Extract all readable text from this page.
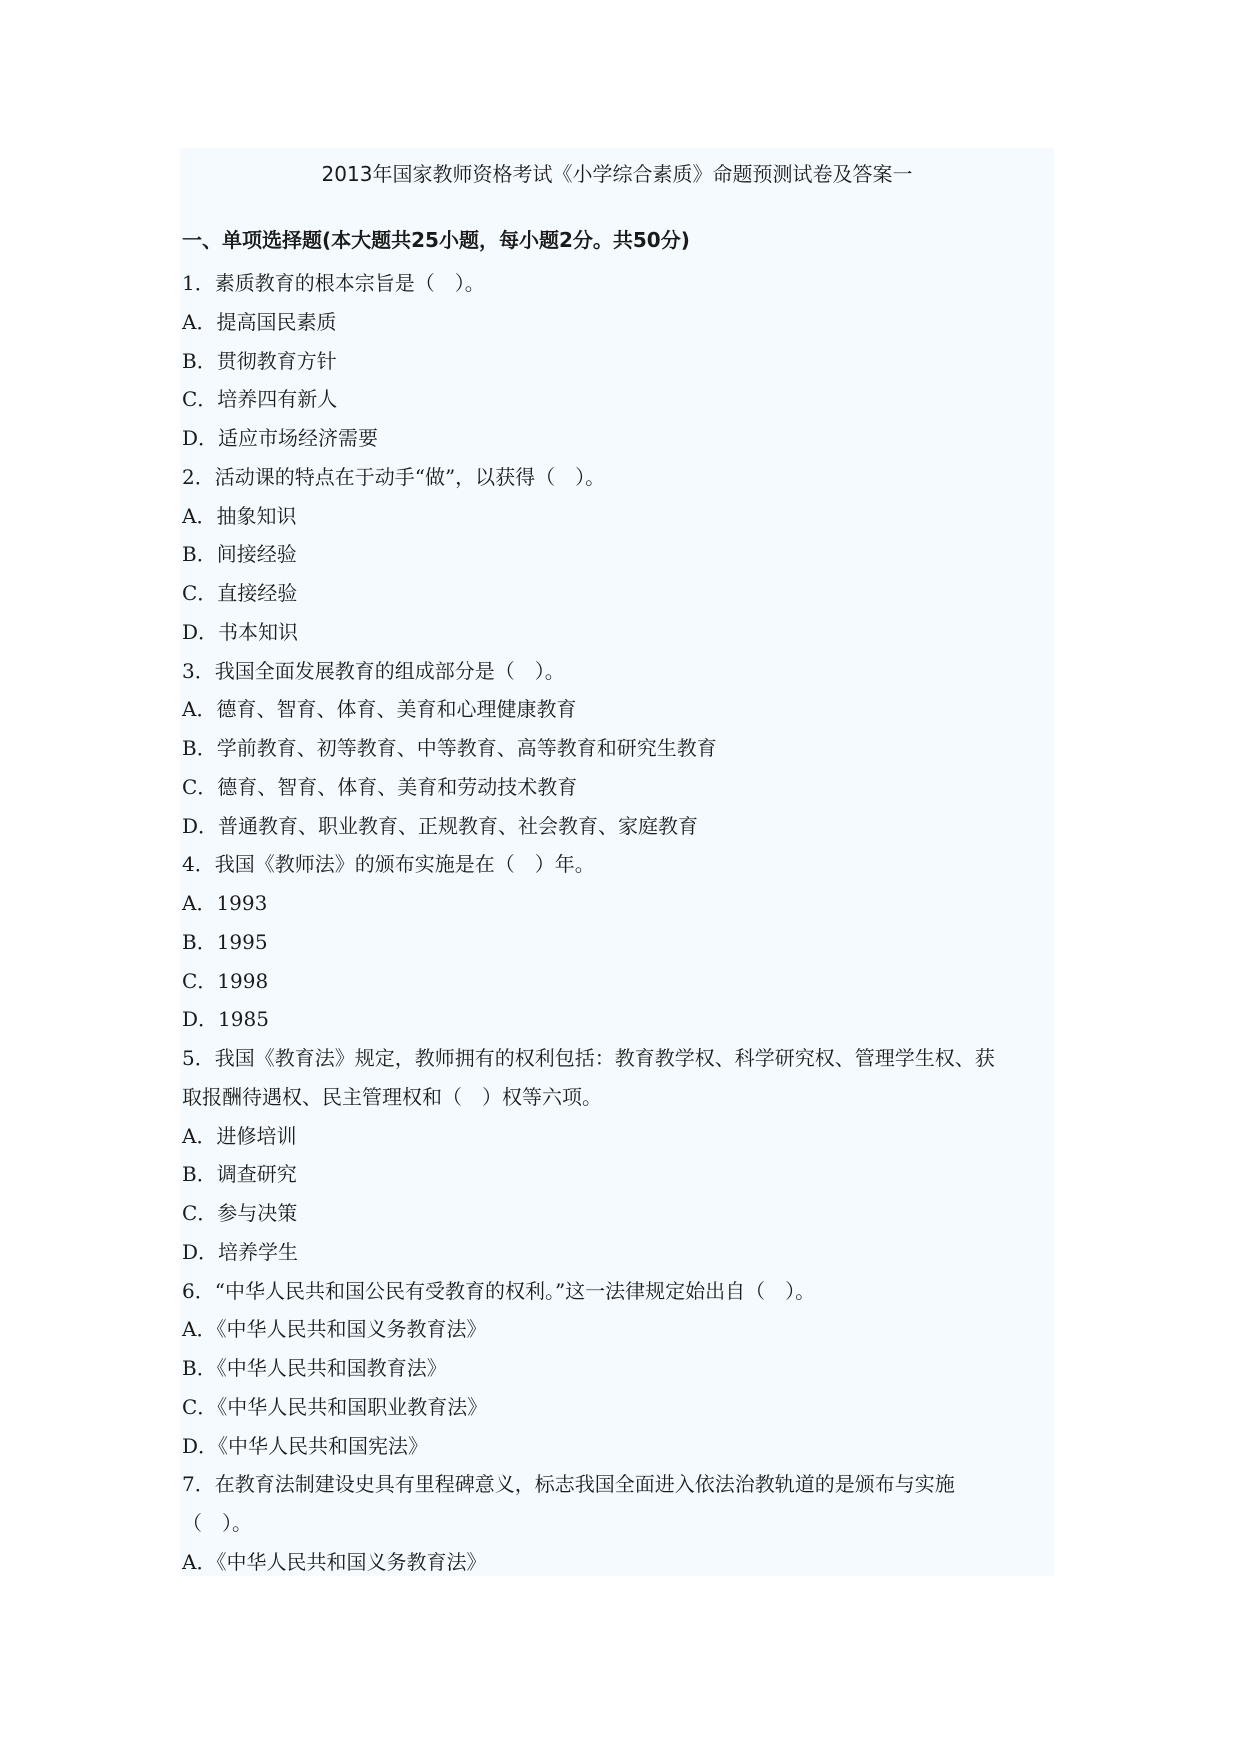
2013年国家教师资格考试《小学综合素质》命题预测试卷及答案一
一、单项选择题(本大题共25小题，每小题2分。共50分)
1．素质教育的根本宗旨是（　）。
A．提高国民素质
B．贯彻教育方针
C．培养四有新人
D．适应市场经济需要
2．活动课的特点在于动手“做”，以获得（　）。
A．抽象知识
B．间接经验
C．直接经验
D．书本知识
3．我国全面发展教育的组成部分是（　）。
A．德育、智育、体育、美育和心理健康教育
B．学前教育、初等教育、中等教育、高等教育和研究生教育
C．德育、智育、体育、美育和劳动技术教育
D．普通教育、职业教育、正规教育、社会教育、家庭教育
4．我国《教师法》的颁布实施是在（　）年。
A．1993
B．1995
C．1998
D．1985
5．我国《教育法》规定，教师拥有的权利包括：教育教学权、科学研究权、管理学生权、获
取报酬待遇权、民主管理权和（　）权等六项。
A．进修培训
B．调查研究
C．参与决策
D．培养学生
6．“中华人民共和国公民有受教育的权利。”这一法律规定始出自（　）。
A．《中华人民共和国义务教育法》
B．《中华人民共和国教育法》
C．《中华人民共和国职业教育法》
D．《中华人民共和国宪法》
7．在教育法制建设史具有里程碑意义，标志我国全面进入依法治教轨道的是颁布与实施
（　）。
A．《中华人民共和国义务教育法》
